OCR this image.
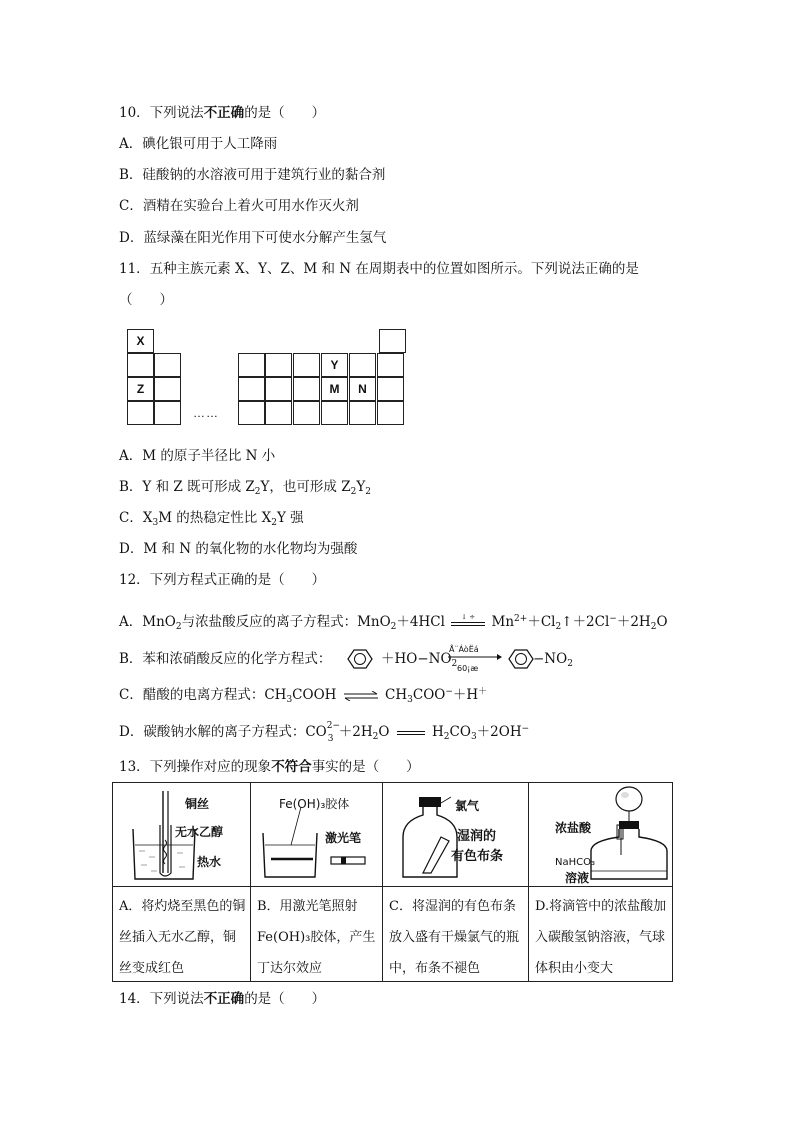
10．下列说法不正确的是（　　）
A．碘化银可用于人工降雨
B．硅酸钠的水溶液可用于建筑行业的黏合剂
C．酒精在实验台上着火可用水作灭火剂
D．蓝绿藻在阳光作用下可使水分解产生氢气
11．五种主族元素 X、Y、Z、M 和 N 在周期表中的位置如图所示。下列说法正确的是
（　　）
X
Y
Z	M	N
……
A．M 的原子半径比 N 小
B．Y 和 Z 既可形成 $Z_2Y$，也可形成 $Z_2Y_2$
C．$X_3M$ 的热稳定性比 $X_2Y$ 强
D．M 和 N 的氧化物的水化物均为强酸
12．下列方程式正确的是（　　）
A．MnO$_2$与浓盐酸反应的离子方程式：MnO$_2$＋4HCl ↓ ÷ $Mn^{2+}+Cl_2↑+2Cl^-+2H_2O$
B．苯和浓硝酸反应的化学方程式：	$+HO-NO_2$
Å¨ÁòËá
60¡æ
$-NO_2$
C．醋酸的电离方程式：$CH_3COOH$ ⇌ $CH_3COO^-+H^+$
D．碳酸钠水解的离子方程式：CO 2−
$3 +2H_2O$	$H_2CO_3+2OH^-$
13．下列操作对应的现象不符合事实的是（　　）
铜丝
无水乙醇
热水
A．将灼烧至黑色的铜丝插入无水乙醇，铜丝变成红色
Fe(OH)₃胶体
激光笔
B．用激光笔照射Fe(OH)₃胶体，产生丁达尔效应
氯气
湿润的
有色布条
C．将湿润的有色布条放入盛有干燥氯气的瓶中，布条不褪色
浓盐酸
NaHCO₃
溶液
D.将滴管中的浓盐酸加入碳酸氢钠溶液，气球体积由小变大
14．下列说法不正确的是（　　）
